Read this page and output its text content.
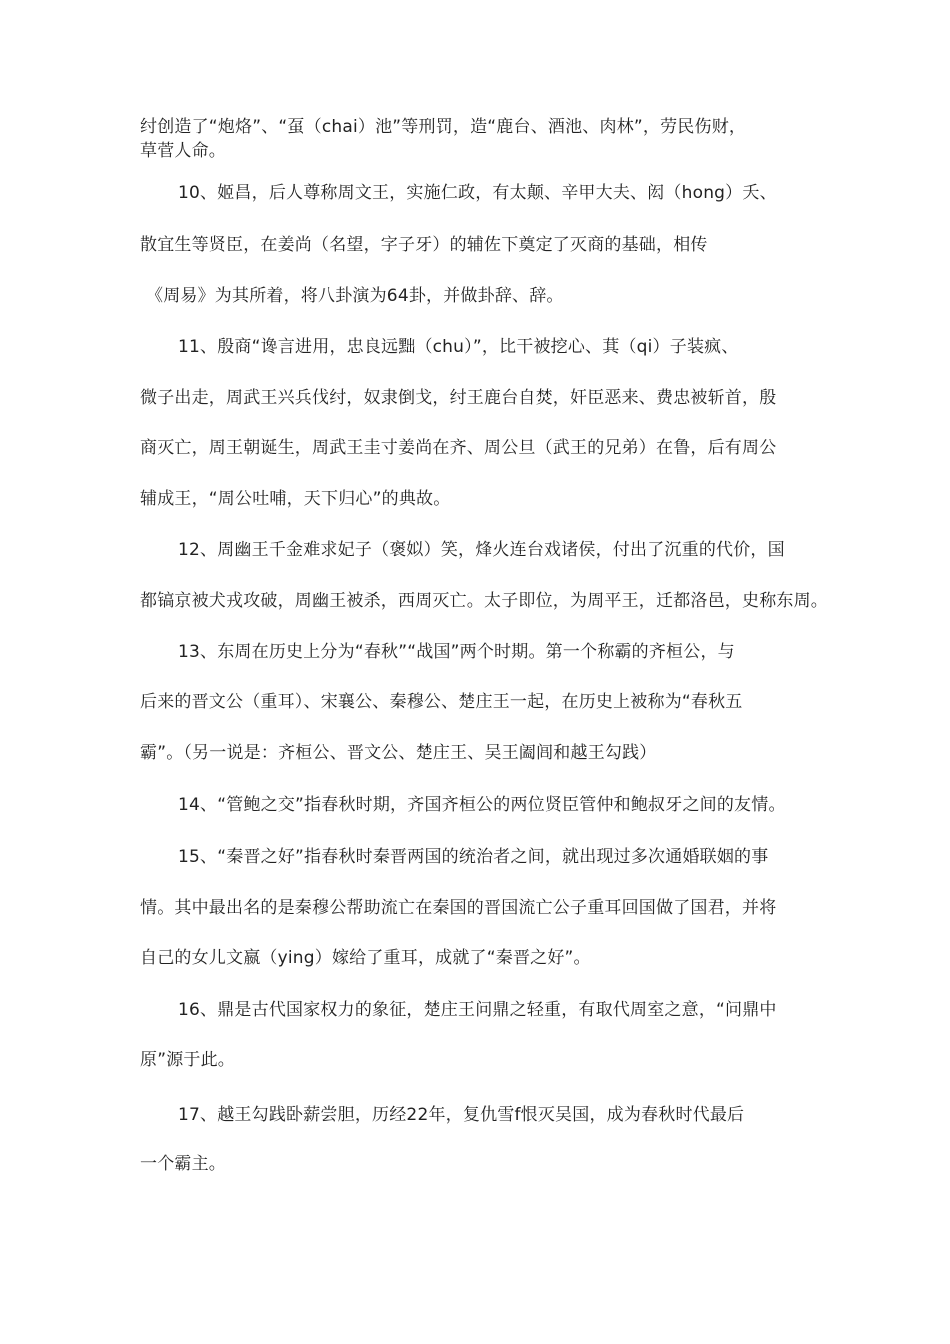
纣创造了“炮烙”、“虿（chai）池”等刑罚，造“鹿台、酒池、肉林”，劳民伤财，
草菅人命。
10、姬昌，后人尊称周文王，实施仁政，有太颠、辛甲大夫、闳（hong）夭、
散宜生等贤臣，在姜尚（名望，字子牙）的辅佐下奠定了灭商的基础，相传
《周易》为其所着，将八卦演为64卦，并做卦辞、辞。
11、殷商“谗言进用，忠良远黜（chu）”，比干被挖心、萁（qi）子装疯、
微子出走，周武王兴兵伐纣，奴隶倒戈，纣王鹿台自焚，奸臣恶来、费忠被斩首，殷
商灭亡，周王朝诞生，周武王圭寸姜尚在齐、周公旦（武王的兄弟）在鲁，后有周公
辅成王，“周公吐哺，天下归心”的典故。
12、周幽王千金难求妃子（褒姒）笑，烽火连台戏诸侯，付出了沉重的代价，国
都镐京被犬戎攻破，周幽王被杀，西周灭亡。太子即位，为周平王，迁都洛邑，史称东周。
13、东周在历史上分为“春秋”“战国”两个时期。第一个称霸的齐桓公，与
后来的晋文公（重耳）、宋襄公、秦穆公、楚庄王一起，在历史上被称为“春秋五
霸”。（另一说是：齐桓公、晋文公、楚庄王、吴王阖闾和越王勾践）
14、“管鲍之交”指春秋时期，齐国齐桓公的两位贤臣管仲和鲍叔牙之间的友情。
15、“秦晋之好”指春秋时秦晋两国的统治者之间，就出现过多次通婚联姻的事
情。其中最出名的是秦穆公帮助流亡在秦国的晋国流亡公子重耳回国做了国君，并将
自己的女儿文嬴（ying）嫁给了重耳，成就了“秦晋之好”。
16、鼎是古代国家权力的象征，楚庄王问鼎之轻重，有取代周室之意，“问鼎中
原”源于此。
17、越王勾践卧薪尝胆，历经22年，复仇雪f恨灭吴国，成为春秋时代最后
一个霸主。
